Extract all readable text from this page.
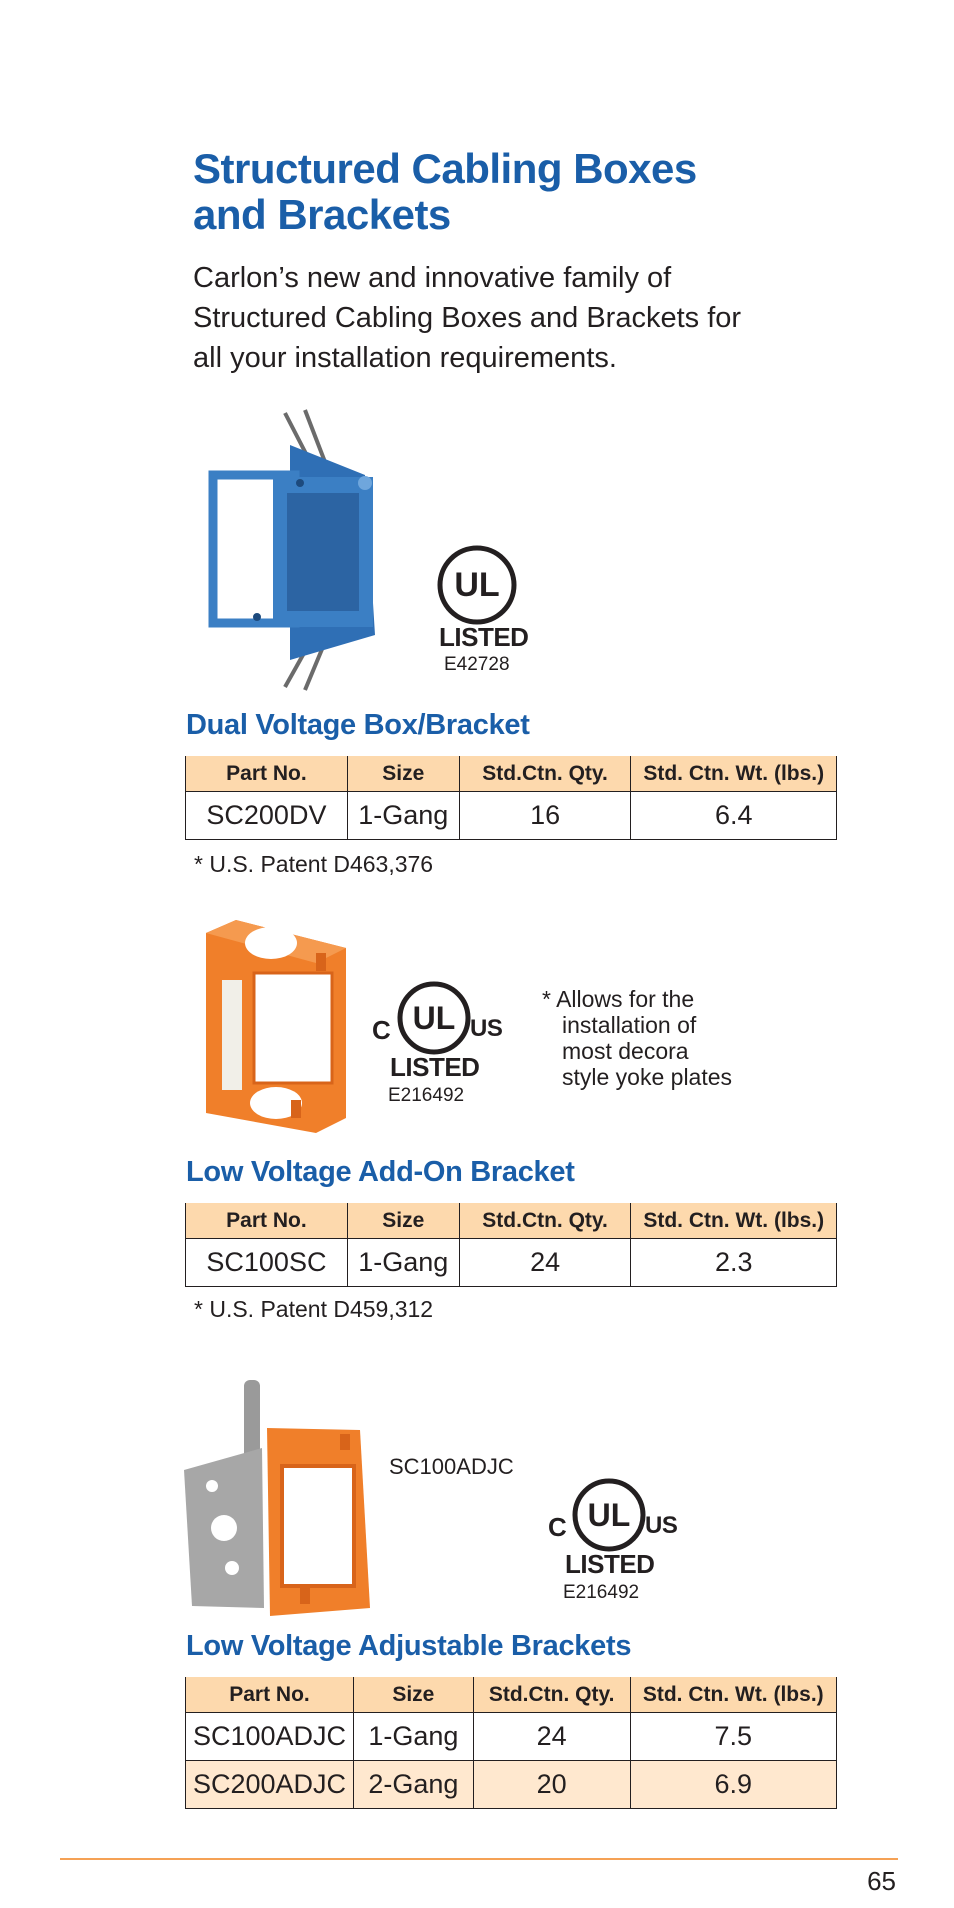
Structured Cabling Boxes and Brackets
Carlon’s new and innovative family of Structured Cabling Boxes and Brackets for all your installation requirements.
UL
LISTED
E42728
Dual Voltage Box/Bracket
Part No.	Size	Std.Ctn. Qty.	Std. Ctn. Wt. (lbs.)
SC200DV	1-Gang	16	6.4
* U.S. Patent D463,376
C UL US
LISTED
E216492
* Allows for the
installation of
most decora
style yoke plates
Low Voltage Add-On Bracket
Part No.	Size	Std.Ctn. Qty.	Std. Ctn. Wt. (lbs.)
SC100SC	1-Gang	24	2.3
* U.S. Patent D459,312
SC100ADJC
C UL US
LISTED
E216492
Low Voltage Adjustable Brackets
Part No.	Size	Std.Ctn. Qty.	Std. Ctn. Wt. (lbs.)
SC100ADJC	1-Gang	24	7.5
SC200ADJC	2-Gang	20	6.9
65
